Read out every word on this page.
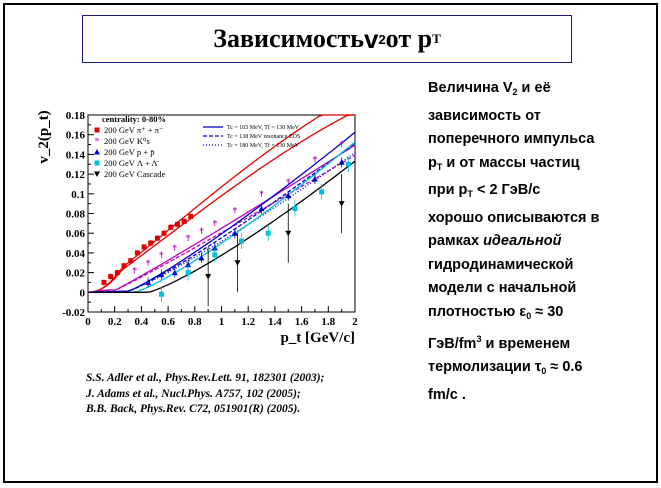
Зависимость v 2 от p T
0 0.2 0.4 0.6 0.8 1 1.2 1.4 1.6 1.8 2
-0.02
0
0.02
0.04
0.06
0.08
0.1
0.12
0.14
0.16
0.18
p_t [GeV/c]
v_2(p_t)
*
*
*
*
*
*
*
*
*
*
*
*
centrality: 0-80%
200 GeV π⁺ + π⁻
* 200 GeV K⁰s
200 GeV p + p̄
200 GeV Λ + Λ̄
200 GeV Cascade
Tc = 165 MeV, Tf = 130 MeV
Tc = 138 MeV resonance EOS
Tc = 180 MeV, Tf = 130 MeV
Величина $V_2$ и её
зависимость от
поперечного импульса
$p_T$ и от массы частиц
при $p_T < 2$ ГэВ/с
хорошо описываются в
рамках идеальной
гидродинамической
модели с начальной
плотностью $\varepsilon_0 \approx 30$
ГэВ/$fm^3$ и временем
термолизации $\tau_0 \approx 0.6$
fm/c .
S.S. Adler et al., Phys.Rev.Lett. 91, 182301 (2003);
J. Adams et al., Nucl.Phys. A757, 102 (2005);
B.B. Back, Phys.Rev. C72, 051901(R) (2005).
